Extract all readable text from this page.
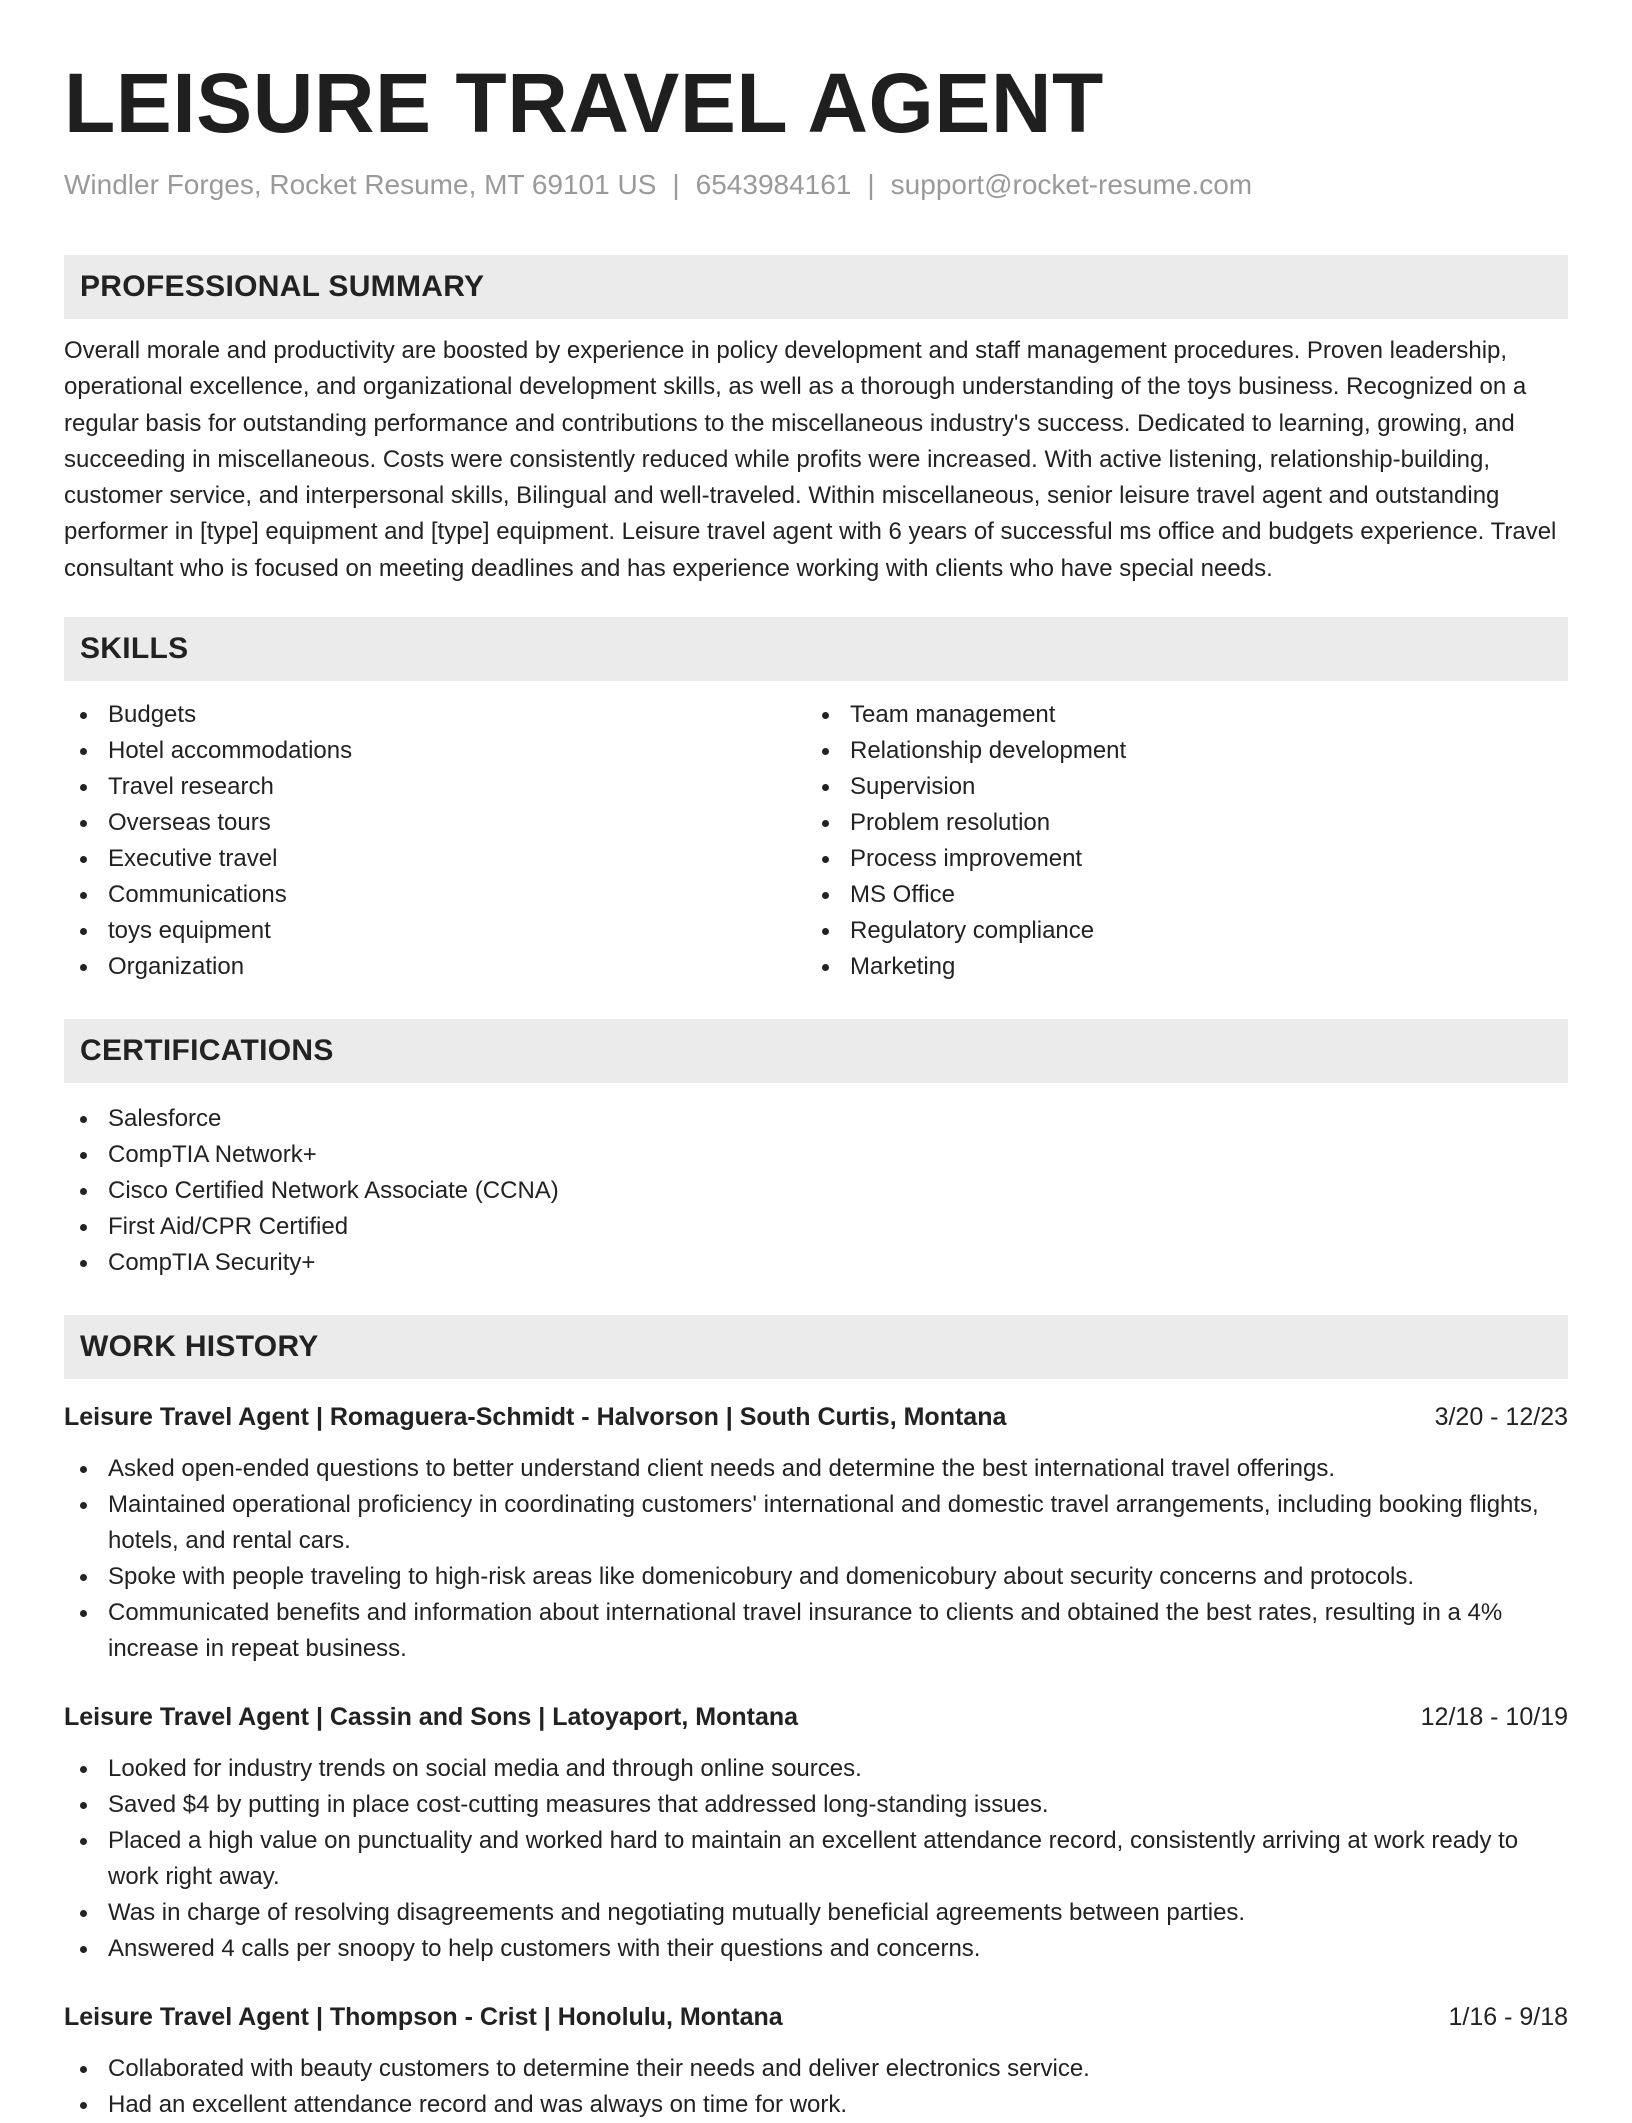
LEISURE TRAVEL AGENT
Windler Forges, Rocket Resume, MT 69101 US | 6543984161 | support@rocket-resume.com
PROFESSIONAL SUMMARY

Overall morale and productivity are boosted by experience in policy development and staff management procedures. Proven leadership, operational excellence, and organizational development skills, as well as a thorough understanding of the toys business. Recognized on a regular basis for outstanding performance and contributions to the miscellaneous industry's success. Dedicated to learning, growing, and succeeding in miscellaneous. Costs were consistently reduced while profits were increased. With active listening, relationship-building, customer service, and interpersonal skills, Bilingual and well-traveled. Within miscellaneous, senior leisure travel agent and outstanding performer in [type] equipment and [type] equipment. Leisure travel agent with 6 years of successful ms office and budgets experience. Travel consultant who is focused on meeting deadlines and has experience working with clients who have special needs.

SKILLS
Budgets
Hotel accommodations
Travel research
Overseas tours
Executive travel
Communications
toys equipment
Organization
Team management
Relationship development
Supervision
Problem resolution
Process improvement
MS Office
Regulatory compliance
Marketing
CERTIFICATIONS
Salesforce
CompTIA Network+
Cisco Certified Network Associate (CCNA)
First Aid/CPR Certified
CompTIA Security+
WORK HISTORY
Leisure Travel Agent | Romaguera-Schmidt - Halvorson | South Curtis, Montana	3/20 - 12/23
Asked open-ended questions to better understand client needs and determine the best international travel offerings.
Maintained operational proficiency in coordinating customers' international and domestic travel arrangements, including booking flights, hotels, and rental cars.
Spoke with people traveling to high-risk areas like domenicobury and domenicobury about security concerns and protocols.
Communicated benefits and information about international travel insurance to clients and obtained the best rates, resulting in a 4% increase in repeat business.
Leisure Travel Agent | Cassin and Sons | Latoyaport, Montana	12/18 - 10/19
Looked for industry trends on social media and through online sources.
Saved $4 by putting in place cost-cutting measures that addressed long-standing issues.
Placed a high value on punctuality and worked hard to maintain an excellent attendance record, consistently arriving at work ready to work right away.
Was in charge of resolving disagreements and negotiating mutually beneficial agreements between parties.
Answered 4 calls per snoopy to help customers with their questions and concerns.
Leisure Travel Agent | Thompson - Crist | Honolulu, Montana	1/16 - 9/18
Collaborated with beauty customers to determine their needs and deliver electronics service.
Had an excellent attendance record and was always on time for work.
